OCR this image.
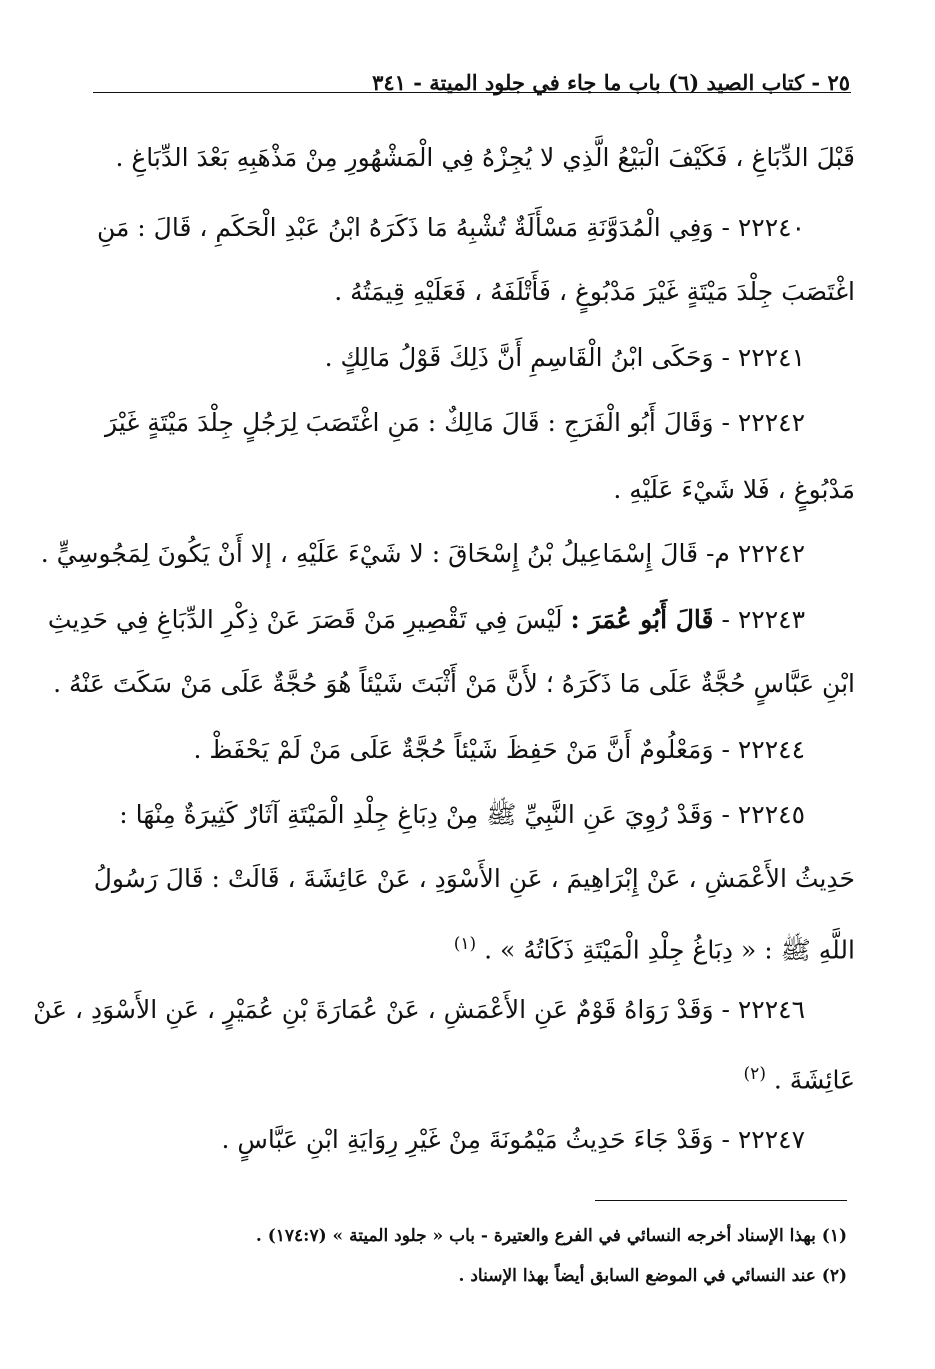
٢٥ - كتاب الصيد (٦) باب ما جاء في جلود الميتة - ٣٤١
قَبْلَ الدِّبَاغِ ، فَكَيْفَ الْبَيْعُ الَّذِي لا يُجِزْهُ فِي الْمَشْهُورِ مِنْ مَذْهَبِهِ بَعْدَ الدِّبَاغِ .
٢٢٢٤٠ - وَفِي الْمُدَوَّنَةِ مَسْأَلَةٌ تُشْبِهُ مَا ذَكَرَهُ ابْنُ عَبْدِ الْحَكَمِ ، قَالَ : مَنِ
اغْتَصَبَ جِلْدَ مَيْتَةٍ غَيْرَ مَدْبُوغٍ ، فَأَتْلَفَهُ ، فَعَلَيْهِ قِيمَتُهُ .
٢٢٢٤١ - وَحَكَى ابْنُ الْقَاسِمِ أَنَّ ذَلِكَ قَوْلُ مَالِكٍ .
٢٢٢٤٢ - وَقَالَ أَبُو الْفَرَجِ : قَالَ مَالِكٌ : مَنِ اغْتَصَبَ لِرَجُلٍ جِلْدَ مَيْتَةٍ غَيْرَ
مَدْبُوغٍ ، فَلا شَيْءَ عَلَيْهِ .
٢٢٢٤٢ م- قَالَ إِسْمَاعِيلُ بْنُ إِسْحَاقَ : لا شَيْءَ عَلَيْهِ ، إلا أَنْ يَكُونَ لِمَجُوسِيٍّ .
٢٢٢٤٣ - قَالَ أَبُو عُمَرَ : لَيْسَ فِي تَقْصِيرِ مَنْ قَصَرَ عَنْ ذِكْرِ الدِّبَاغِ فِي حَدِيثِ
ابْنِ عَبَّاسٍ حُجَّةٌ عَلَى مَا ذَكَرَهُ ؛ لأَنَّ مَنْ أَثْبَتَ شَيْئاً هُوَ حُجَّةٌ عَلَى مَنْ سَكَتَ عَنْهُ .
٢٢٢٤٤ - وَمَعْلُومٌ أَنَّ مَنْ حَفِظَ شَيْئاً حُجَّةٌ عَلَى مَنْ لَمْ يَحْفَظْ .
٢٢٢٤٥ - وَقَدْ رُوِيَ عَنِ النَّبِيِّ ﷺ مِنْ دِبَاغِ جِلْدِ الْمَيْتَةِ آثَارٌ كَثِيرَةٌ مِنْهَا :
حَدِيثُ الأَعْمَشِ ، عَنْ إِبْرَاهِيمَ ، عَنِ الأَسْوَدِ ، عَنْ عَائِشَةَ ، قَالَتْ : قَالَ رَسُولُ
اللَّهِ ﷺ : « دِبَاغُ جِلْدِ الْمَيْتَةِ ذَكَاتُهُ » . $^{(١)}$
٢٢٢٤٦ - وَقَدْ رَوَاهُ قَوْمٌ عَنِ الأَعْمَشِ ، عَنْ عُمَارَةَ بْنِ عُمَيْرٍ ، عَنِ الأَسْوَدِ ، عَنْ
عَائِشَةَ . $^{(٢)}$
٢٢٢٤٧ - وَقَدْ جَاءَ حَدِيثُ مَيْمُونَةَ مِنْ غَيْرِ رِوَايَةِ ابْنِ عَبَّاسٍ .
(١) بهذا الإسناد أخرجه النسائي في الفرع والعتيرة - باب « جلود الميتة » (١٧٤:٧) .
(٢) عند النسائي في الموضع السابق أيضاً بهذا الإسناد .
